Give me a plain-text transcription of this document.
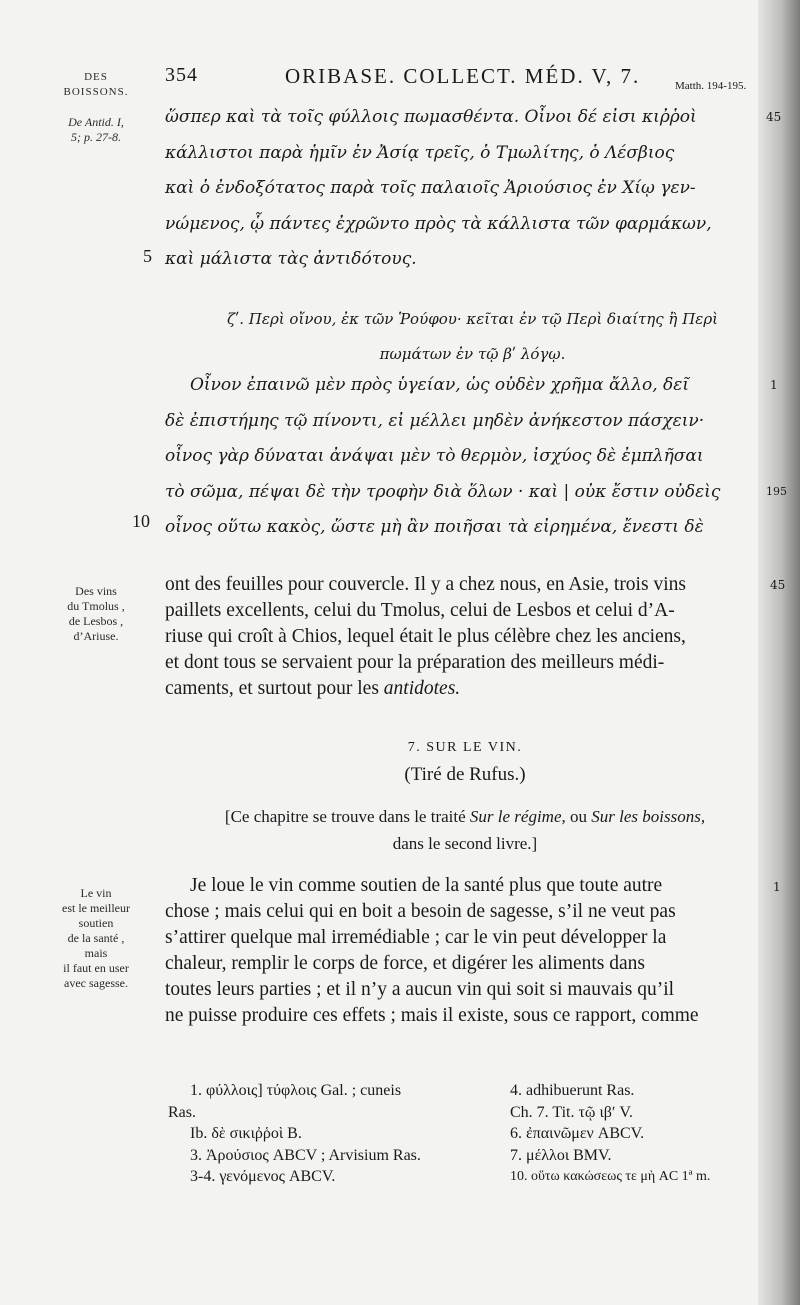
DES
BOISSONS.
De Antid. I,
5; p. 27-8.
354	ORIBASE. COLLECT. MÉD. V, 7.	Matth. 194-195.

ὥσπερ καὶ τὰ τοῖς φύλλοις πωμασθέντα. Οἶνοι δέ εἰσι κιῤῥοὶ

κάλλιστοι παρὰ ἡμῖν ἐν Ἀσίᾳ τρεῖς, ὁ Τμωλίτης, ὁ Λέσβιος

καὶ ὁ ἐνδοξότατος παρὰ τοῖς παλαιοῖς Ἀριούσιος ἐν Χίῳ γεν-

νώμενος, ᾧ πάντες ἐχρῶντο πρὸς τὰ κάλλιστα τῶν φαρμάκων,

καὶ μάλιστα τὰς ἀντιδότους.

5
ζʹ. Περὶ οἴνου, ἐκ τῶν Ῥούφου· κεῖται ἐν τῷ Περὶ διαίτης ἢ Περὶ
πωμάτων ἐν τῷ βʹ λόγῳ.

Οἶνον ἐπαινῶ μὲν πρὸς ὑγείαν, ὡς οὐδὲν χρῆμα ἄλλο, δεῖ

δὲ ἐπιστήμης τῷ πίνοντι, εἰ μέλλει μηδὲν ἀνήκεστον πάσχειν·

οἶνος γὰρ δύναται ἀνάψαι μὲν τὸ θερμὸν, ἰσχύος δὲ ἐμπλῆσαι

τὸ σῶμα, πέψαι δὲ τὴν τροφὴν διὰ ὅλων · καὶ | οὐκ ἔστιν οὐδεὶς

οἶνος οὕτω κακὸς, ὥστε μὴ ἂν ποιῆσαι τὰ εἰρημένα, ἔνεστι δὲ

10
45
1
195
45
1
Des vins
du Tmolus ,
de Lesbos ,
d’Ariuse.

ont des feuilles pour couvercle. Il y a chez nous, en Asie, trois vins

paillets excellents, celui du Tmolus, celui de Lesbos et celui d’A-

riuse qui croît à Chios, lequel était le plus célèbre chez les anciens,

et dont tous se servaient pour la préparation des meilleurs médi-

caments, et surtout pour les antidotes.

7. SUR LE VIN.
(Tiré de Rufus.)
[Ce chapitre se trouve dans le traité Sur le régime, ou Sur les boissons,
dans le second livre.]
Le vin
est le meilleur
soutien
de la santé ,
mais
il faut en user
avec sagesse.

Je loue le vin comme soutien de la santé plus que toute autre

chose ; mais celui qui en boit a besoin de sagesse, s’il ne veut pas

s’attirer quelque mal irremédiable ; car le vin peut développer la

chaleur, remplir le corps de force, et digérer les aliments dans

toutes leurs parties ; et il n’y a aucun vin qui soit si mauvais qu’il

ne puisse produire ces effets ; mais il existe, sous ce rapport, comme

1. φύλλοις] τύφλοις Gal. ; cuneis

Ras.

Ib. δὲ σικιῤῥοὶ B.

3. Ἀρούσιος ABCV ; Arvisium Ras.

3-4. γενόμενος ABCV.

4. adhibuerunt Ras.

Ch. 7. Tit. τῷ ιβʹ V.

6. ἐπαινῶμεν ABCV.

7. μέλλοι BMV.

10. οὕτω κακώσεως τε μὴ AC 1ª m.
